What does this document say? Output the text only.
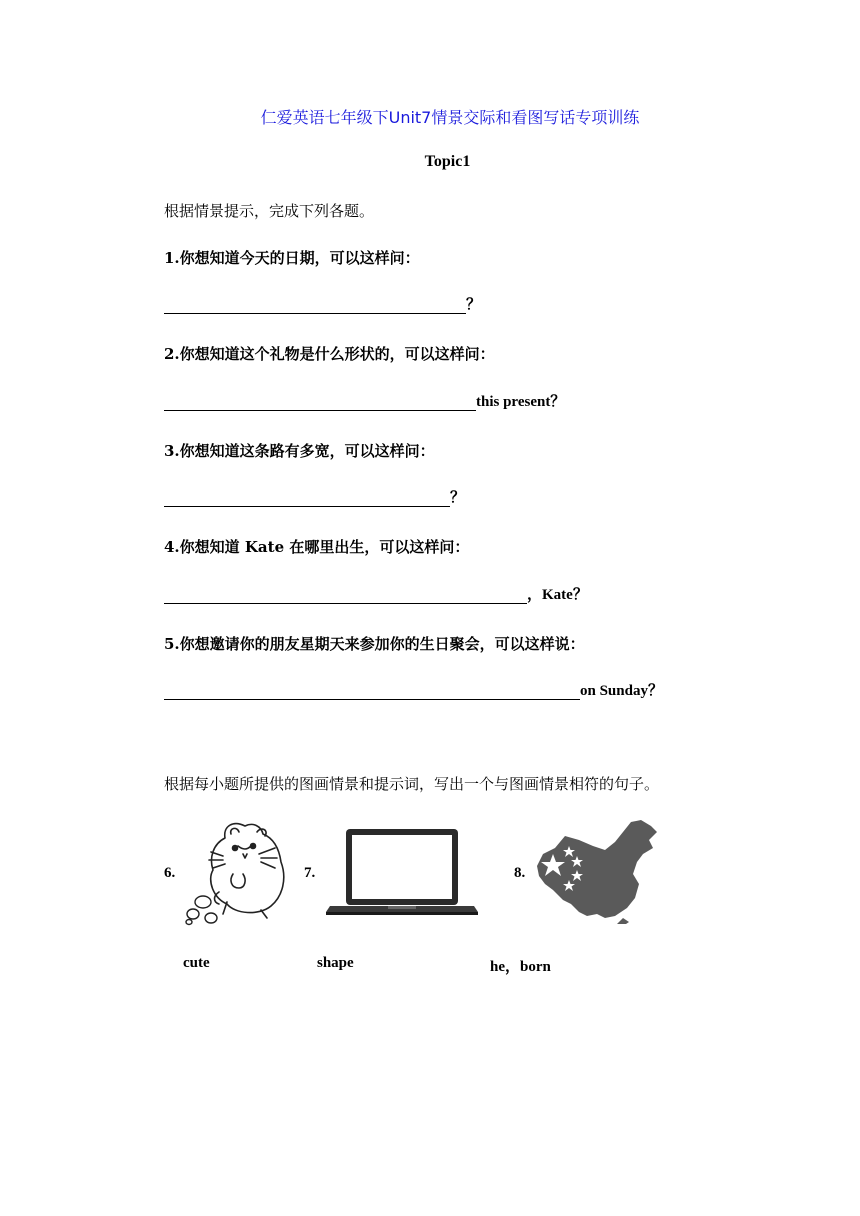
仁爱英语七年级下Unit7情景交际和看图写话专项训练
Topic1
根据情景提示，完成下列各题。
1.你想知道今天的日期，可以这样问：
？
2.你想知道这个礼物是什么形状的，可以这样问：
this present？
3.你想知道这条路有多宽，可以这样问：
？
4.你想知道 Kate 在哪里出生，可以这样问：
，Kate？
5.你想邀请你的朋友星期天来参加你的生日聚会，可以这样说：
on Sunday？
根据每小题所提供的图画情景和提示词，写出一个与图画情景相符的句子。
6.	7.	8.
cute	shape	he，born
